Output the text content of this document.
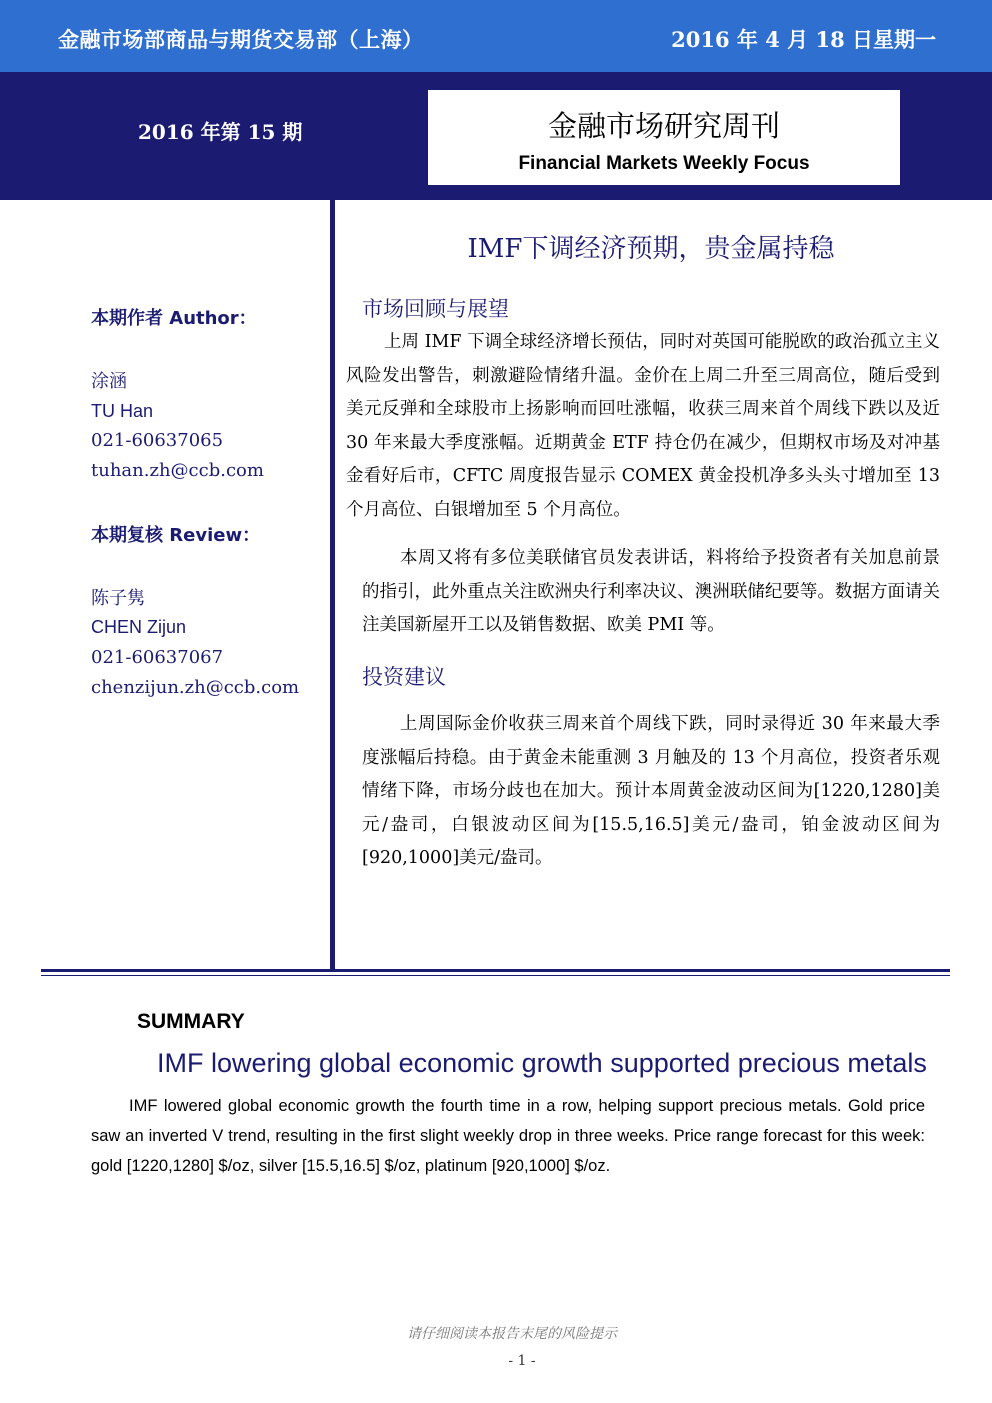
金融市场部商品与期货交易部（上海）	2016 年 4 月 18 日星期一
2016 年第 15 期	金融市场研究周刊
Financial Markets Weekly Focus
本期作者 Author：
涂涵
TU Han
021-60637065
tuhan.zh@ccb.com
本期复核 Review：
陈子隽
CHEN Zijun
021-60637067
chenzijun.zh@ccb.com
IMF下调经济预期，贵金属持稳
市场回顾与展望

上周 IMF 下调全球经济增长预估，同时对英国可能脱欧的政治孤立主义风险发出警告，刺激避险情绪升温。金价在上周二升至三周高位，随后受到美元反弹和全球股市上扬影响而回吐涨幅，收获三周来首个周线下跌以及近 30 年来最大季度涨幅。近期黄金 ETF 持仓仍在减少，但期权市场及对冲基金看好后市，CFTC 周度报告显示 COMEX 黄金投机净多头头寸增加至 13 个月高位、白银增加至 5 个月高位。

本周又将有多位美联储官员发表讲话，料将给予投资者有关加息前景的指引，此外重点关注欧洲央行利率决议、澳洲联储纪要等。数据方面请关注美国新屋开工以及销售数据、欧美 PMI 等。

投资建议

上周国际金价收获三周来首个周线下跌，同时录得近 30 年来最大季度涨幅后持稳。由于黄金未能重测 3 月触及的 13 个月高位，投资者乐观情绪下降，市场分歧也在加大。预计本周黄金波动区间为[1220,1280]美元/盎司，白银波动区间为[15.5,16.5]美元/盎司，铂金波动区间为[920,1000]美元/盎司。

SUMMARY
IMF lowering global economic growth supported precious metals

IMF lowered global economic growth the fourth time in a row, helping support precious metals. Gold price saw an inverted V trend, resulting in the first slight weekly drop in three weeks. Price range forecast for this week: gold [1220,1280] $/oz, silver [15.5,16.5] $/oz, platinum [920,1000] $/oz.

请仔细阅读本报告末尾的风险提示
- 1 -
